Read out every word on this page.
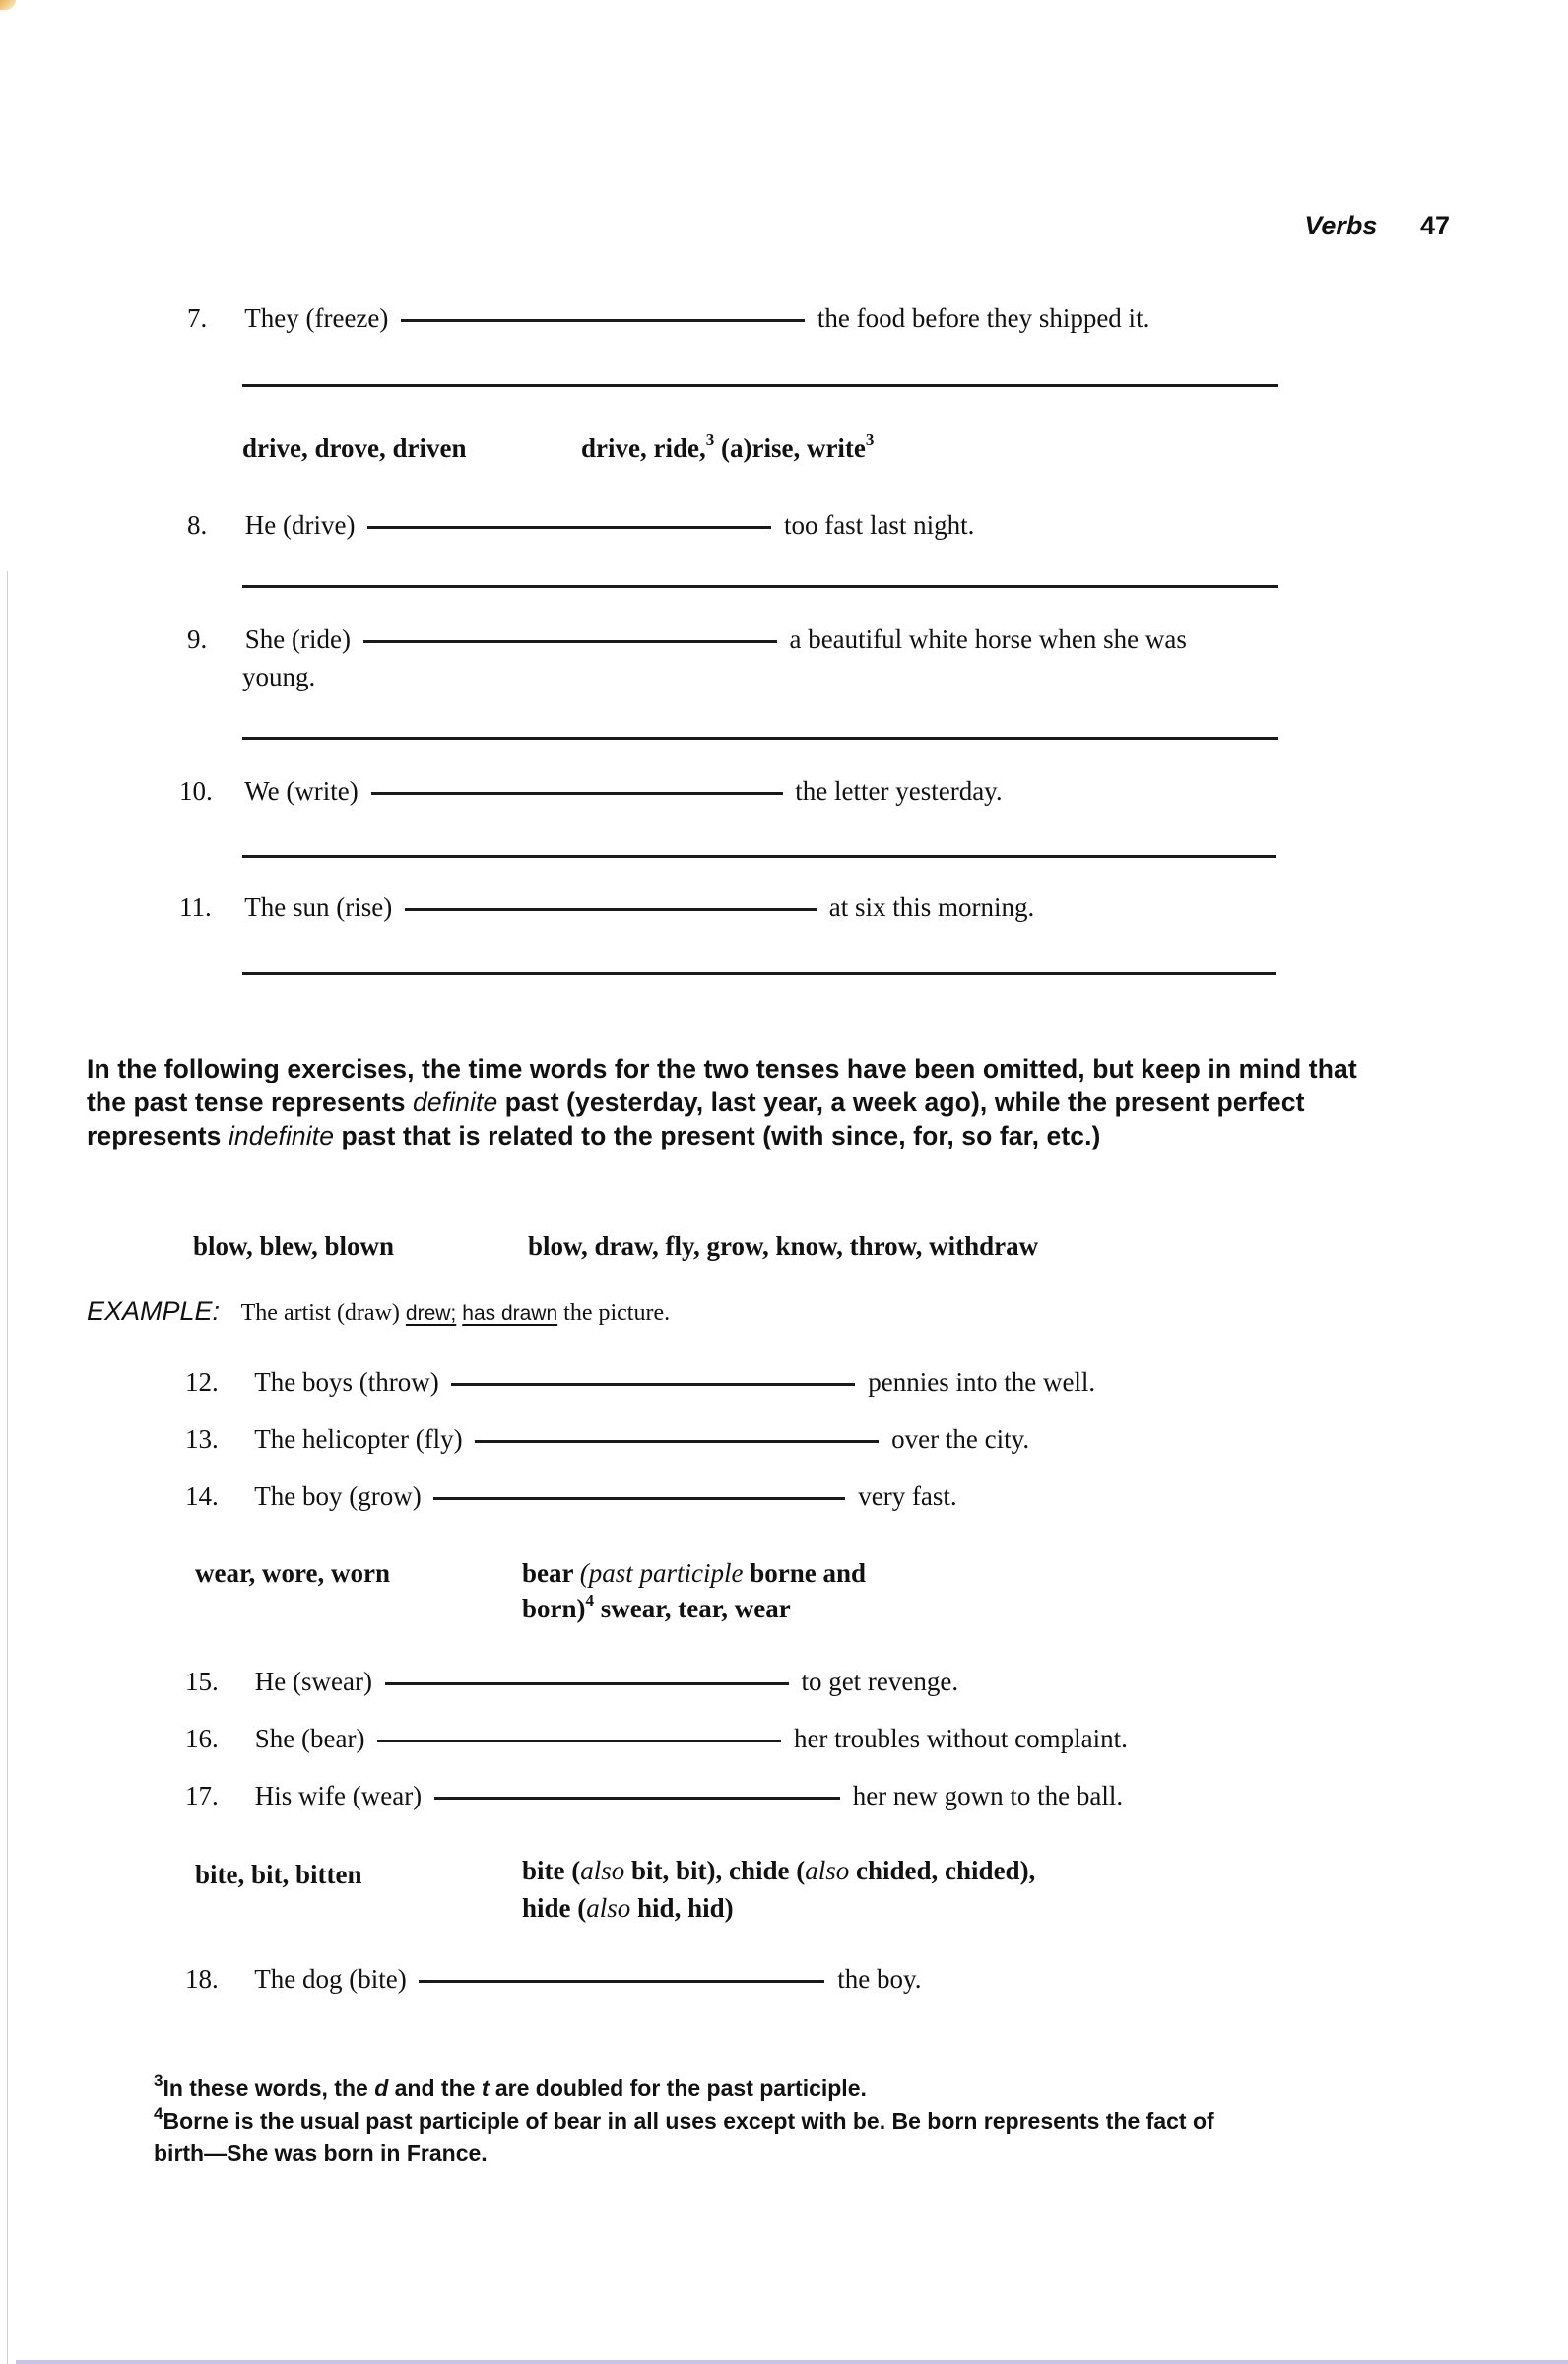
Verbs 47
7. They (freeze)	the food before they shipped it.
drive, drove, driven	drive, ride,$^3$ (a)rise, write$^3$
8. He (drive)	too fast last night.
9. She (ride)	a beautiful white horse when she was
young.
10. We (write)	the letter yesterday.
11. The sun (rise)	at six this morning.
In the following exercises, the time words for the two tenses have been omitted, but keep in mind that the past tense represents definite past (yesterday, last year, a week ago), while the present perfect represents indefinite past that is related to the present (with since, for, so far, etc.)
blow, blew, blown	blow, draw, fly, grow, know, throw, withdraw
EXAMPLE: The artist (draw) drew; has drawn the picture.
12. The boys (throw)	pennies into the well.
13. The helicopter (fly)	over the city.
14. The boy (grow)	very fast.
wear, wore, worn	bear (past participle borne and
born)$^4$ swear, tear, wear
15. He (swear)	to get revenge.
16. She (bear)	her troubles without complaint.
17. His wife (wear)	her new gown to the ball.
bite, bit, bitten	bite (also bit, bit), chide (also chided, chided),
hide (also hid, hid)
18. The dog (bite)	the boy.
$^3$In these words, the d and the t are doubled for the past participle.
$^4$Borne is the usual past participle of bear in all uses except with be. Be born represents the fact of birth—She was born in France.
